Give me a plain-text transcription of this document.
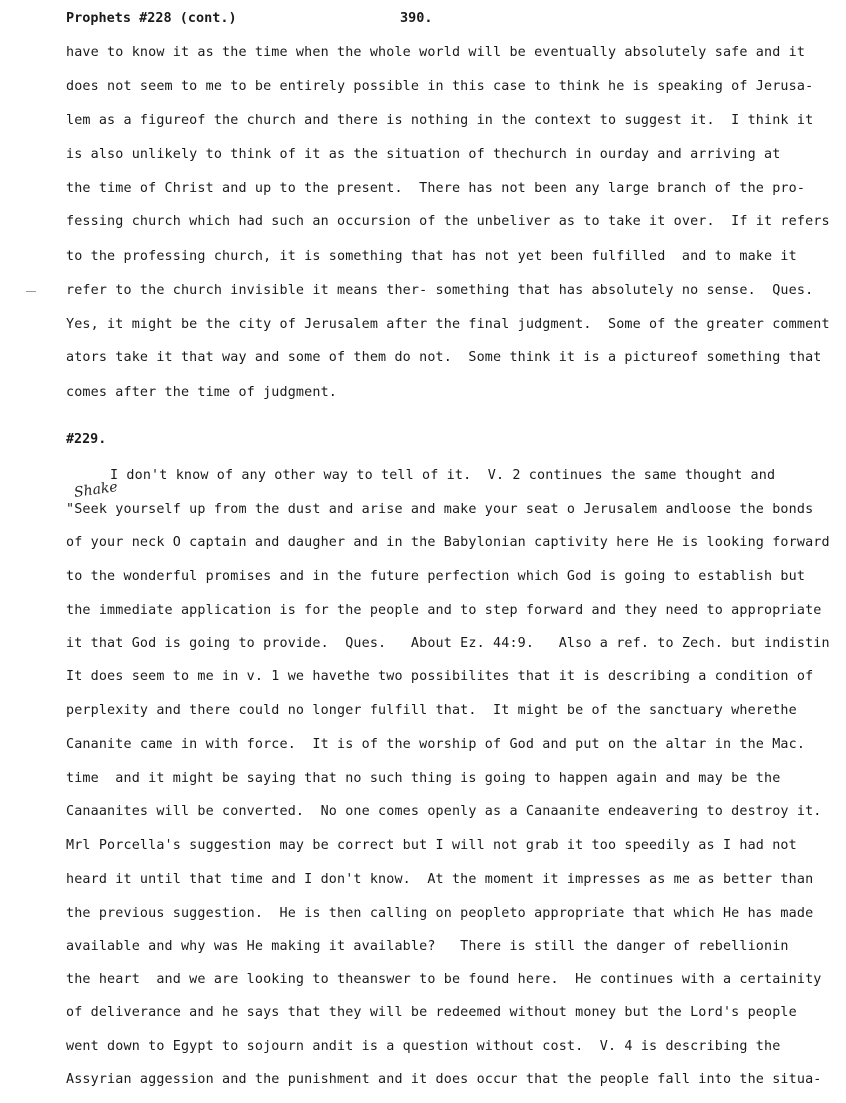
Prophets #228 (cont.)	390.
have to know it as the time when the whole world will be eventually absolutely safe and it
does not seem to me to be entirely possible in this case to think he is speaking of Jerusa-
lem as a figureof the church and there is nothing in the context to suggest it.  I think it
is also unlikely to think of it as the situation of thechurch in ourday and arriving at
the time of Christ and up to the present.  There has not been any large branch of the pro-
fessing church which had such an occursion of the unbeliver as to take it over.  If it refers
to the professing church, it is something that has not yet been fulfilled  and to make it
refer to the church invisible it means ther- something that has absolutely no sense.  Ques.
Yes, it might be the city of Jerusalem after the final judgment.  Some of the greater comment
ators take it that way and some of them do not.  Some think it is a pictureof something that
comes after the time of judgment.
#229.
Shake
I don't know of any other way to tell of it.  V. 2 continues the same thought and
"Seek yourself up from the dust and arise and make your seat o Jerusalem andloose the bonds
of your neck O captain and daugher and in the Babylonian captivity here He is looking forward
to the wonderful promises and in the future perfection which God is going to establish but
the immediate application is for the people and to step forward and they need to appropriate
it that God is going to provide.  Ques.   About Ez. 44:9.   Also a ref. to Zech. but indistin
It does seem to me in v. 1 we havethe two possibilites that it is describing a condition of
perplexity and there could no longer fulfill that.  It might be of the sanctuary wherethe
Cananite came in with force.  It is of the worship of God and put on the altar in the Mac.
time  and it might be saying that no such thing is going to happen again and may be the
Canaanites will be converted.  No one comes openly as a Canaanite endeavering to destroy it.
Mrl Porcella's suggestion may be correct but I will not grab it too speedily as I had not
heard it until that time and I don't know.  At the moment it impresses as me as better than
the previous suggestion.  He is then calling on peopleto appropriate that which He has made
available and why was He making it available?   There is still the danger of rebellionin
the heart  and we are looking to theanswer to be found here.  He continues with a certainity
of deliverance and he says that they will be redeemed without money but the Lord's people
went down to Egypt to sojourn andit is a question without cost.  V. 4 is describing the
Assyrian aggession and the punishment and it does occur that the people fall into the situa-
